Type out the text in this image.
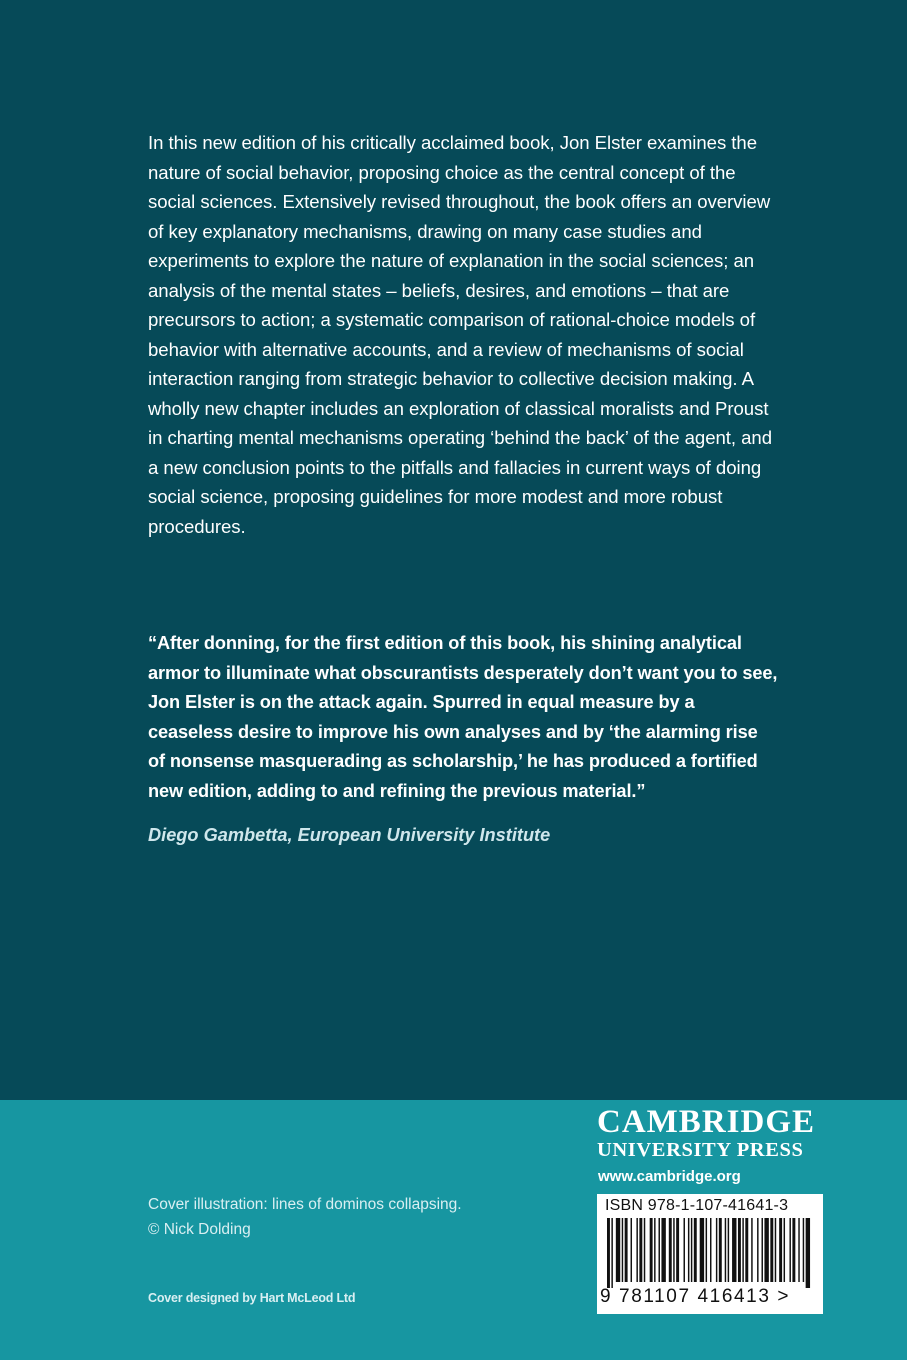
In this new edition of his critically acclaimed book, Jon Elster examines the nature of social behavior, proposing choice as the central concept of the social sciences. Extensively revised throughout, the book offers an overview of key explanatory mechanisms, drawing on many case studies and experiments to explore the nature of explanation in the social sciences; an analysis of the mental states – beliefs, desires, and emotions – that are precursors to action; a systematic comparison of rational-choice models of behavior with alternative accounts, and a review of mechanisms of social interaction ranging from strategic behavior to collective decision making. A wholly new chapter includes an exploration of classical moralists and Proust in charting mental mechanisms operating ‘behind the back’ of the agent, and a new conclusion points to the pitfalls and fallacies in current ways of doing social science, proposing guidelines for more modest and more robust procedures.

“After donning, for the first edition of this book, his shining analytical armor to illuminate what obscurantists desperately don’t want you to see, Jon Elster is on the attack again. Spurred in equal measure by a ceaseless desire to improve his own analyses and by ‘the alarming rise of nonsense masquerading as scholarship,’ he has produced a fortified new edition, adding to and refining the previous material.”

Diego Gambetta, European University Institute

CAMBRIDGE
UNIVERSITY PRESS
www.cambridge.org
Cover illustration: lines of dominos collapsing.
© Nick Dolding
Cover designed by Hart McLeod Ltd
ISBN 978-1-107-41641-3
9 781107 416413 >
